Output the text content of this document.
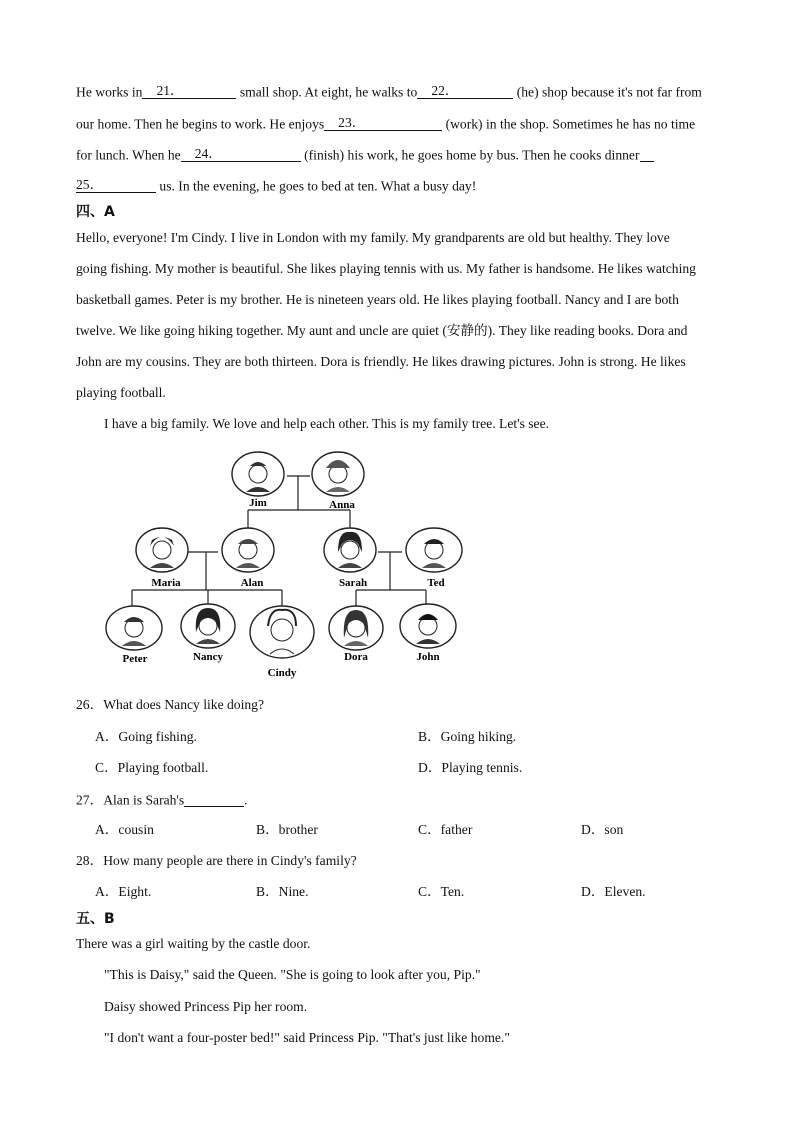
He works in 21．	small shop. At eight, he walks to 22．	(he) shop because it's not far from
our home. Then he begins to work. He enjoys 23．	(work) in the shop. Sometimes he has no time
for lunch. When he 24．	(finish) his work, he goes home by bus. Then he cooks dinner
25．	us. In the evening, he goes to bed at ten. What a busy day!
四、A
Hello, everyone! I'm Cindy. I live in London with my family. My grandparents are old but healthy. They love
going fishing. My mother is beautiful. She likes playing tennis with us. My father is handsome. He likes watching
basketball games. Peter is my brother. He is nineteen years old. He likes playing football. Nancy and I are both
twelve. We like going hiking together. My aunt and uncle are quiet (安静的). They like reading books. Dora and
John are my cousins. They are both thirteen. Dora is friendly. He likes drawing pictures. John is strong. He likes
playing football.
I have a big family. We love and help each other. This is my family tree. Let's see.
Jim	Anna
Maria	Alan	Sarah	Ted
Peter	Nancy
Cindy
Dora	John
26．What does Nancy like doing?
A．Going fishing.	B．Going hiking.
C．Playing football.	D．Playing tennis.
27．Alan is Sarah's	.
A．cousin	B．brother	C．father	D．son
28．How many people are there in Cindy's family?
A．Eight.	B．Nine.	C．Ten.	D．Eleven.
五、B
There was a girl waiting by the castle door.
"This is Daisy," said the Queen. "She is going to look after you, Pip."
Daisy showed Princess Pip her room.
"I don't want a four-poster bed!" said Princess Pip. "That's just like home."
